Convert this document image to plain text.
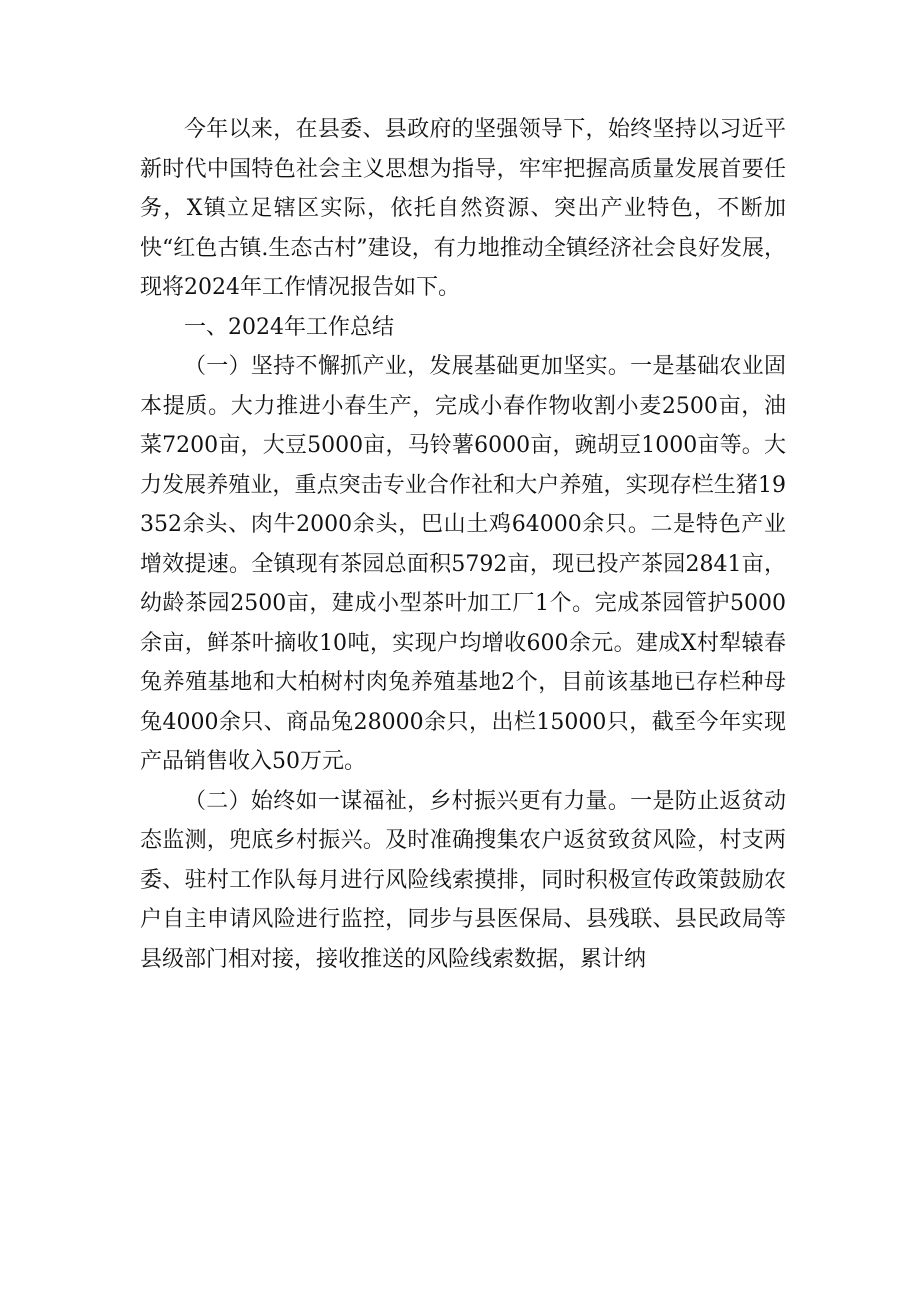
今年以来，在县委、县政府的坚强领导下，始终坚持以习近平新时代中国特色社会主义思想为指导，牢牢把握高质量发展首要任务，X镇立足辖区实际，依托自然资源、突出产业特色，不断加快“红色古镇.生态古村”建设，有力地推动全镇经济社会良好发展，现将2024年工作情况报告如下。

一、2024年工作总结

（一）坚持不懈抓产业，发展基础更加坚实。一是基础农业固本提质。大力推进小春生产，完成小春作物收割小麦2500亩，油菜7200亩，大豆5000亩，马铃薯6000亩，豌胡豆1000亩等。大力发展养殖业，重点突击专业合作社和大户养殖，实现存栏生猪19352余头、肉牛2000余头，巴山土鸡64000余只。二是特色产业增效提速。全镇现有茶园总面积5792亩，现已投产茶园2841亩，幼龄茶园2500亩，建成小型茶叶加工厂1个。完成茶园管护5000余亩，鲜茶叶摘收10吨，实现户均增收600余元。建成X村犁辕春兔养殖基地和大柏树村肉兔养殖基地2个，目前该基地已存栏种母兔4000余只、商品兔28000余只，出栏15000只，截至今年实现产品销售收入50万元。

（二）始终如一谋福祉，乡村振兴更有力量。一是防止返贫动态监测，兜底乡村振兴。及时准确搜集农户返贫致贫风险，村支两委、驻村工作队每月进行风险线索摸排，同时积极宣传政策鼓励农户自主申请风险进行监控，同步与县医保局、县残联、县民政局等县级部门相对接，接收推送的风险线索数据，累计纳
